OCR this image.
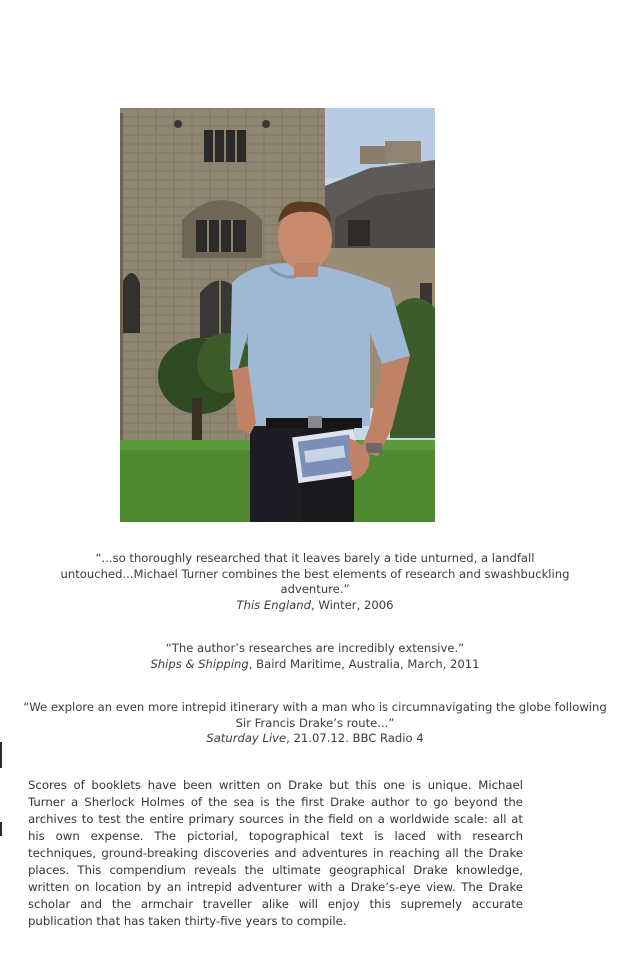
“...so thoroughly researched that it leaves barely a tide unturned, a landfall untouched...Michael Turner combines the best elements of research and swashbuckling adventure.”
This England, Winter, 2006
“The author’s researches are incredibly extensive.”
Ships & Shipping, Baird Maritime, Australia, March, 2011
“We explore an even more intrepid itinerary with a man who is circumnavigating the globe following Sir Francis Drake’s route...”
Saturday Live, 21.07.12. BBC Radio 4

Scores of booklets have been written on Drake but this one is unique. Michael Turner a Sherlock Holmes of the sea is the first Drake author to go beyond the archives to test the entire primary sources in the field on a worldwide scale: all at his own expense. The pictorial, topographical text is laced with research techniques, ground-breaking discoveries and adventures in reaching all the Drake places. This compendium reveals the ultimate geographical Drake knowledge, written on location by an intrepid adventurer with a Drake’s-eye view. The Drake scholar and the armchair traveller alike will enjoy this supremely accurate publication that has taken thirty-five years to compile.
